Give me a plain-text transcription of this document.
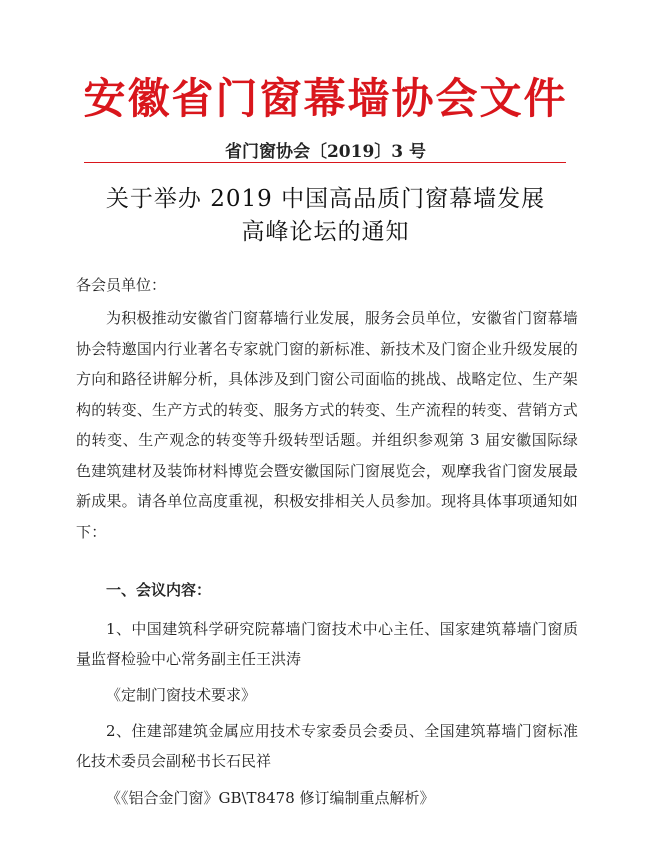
安徽省门窗幕墙协会文件
省门窗协会〔2019〕3 号
关于举办 2019 中国高品质门窗幕墙发展
高峰论坛的通知
各会员单位：
为积极推动安徽省门窗幕墙行业发展，服务会员单位，安徽省门窗幕墙协会特邀国内行业著名专家就门窗的新标准、新技术及门窗企业升级发展的方向和路径讲解分析，具体涉及到门窗公司面临的挑战、战略定位、生产架构的转变、生产方式的转变、服务方式的转变、生产流程的转变、营销方式的转变、生产观念的转变等升级转型话题。并组织参观第 3 届安徽国际绿色建筑建材及装饰材料博览会暨安徽国际门窗展览会，观摩我省门窗发展最新成果。请各单位高度重视，积极安排相关人员参加。现将具体事项通知如下：
一、会议内容：
1、中国建筑科学研究院幕墙门窗技术中心主任、国家建筑幕墙门窗质量监督检验中心常务副主任王洪涛
《定制门窗技术要求》
2、住建部建筑金属应用技术专家委员会委员、全国建筑幕墙门窗标准化技术委员会副秘书长石民祥
《《铝合金门窗》GB\T8478 修订编制重点解析》
